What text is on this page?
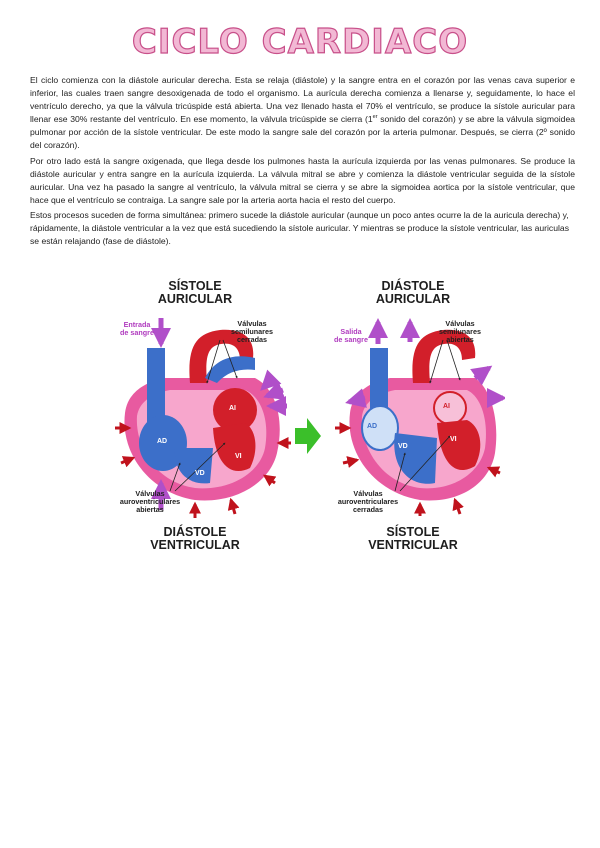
CICLO CARDIACO

El ciclo comienza con la diástole auricular derecha. Esta se relaja (diástole) y la sangre entra en el corazón por las venas cava superior e inferior, las cuales traen sangre desoxigenada de todo el organismo. La aurícula derecha comienza a llenarse y, seguidamente, lo hace el ventrículo derecho, ya que la válvula tricúspide está abierta. Una vez llenado hasta el 70% el ventrículo, se produce la sístole auricular para llenar ese 30% restante del ventrículo. En ese momento, la válvula tricúspide se cierra (1er sonido del corazón) y se abre la válvula sigmoidea pulmonar por acción de la sístole ventricular. De este modo la sangre sale del corazón por la arteria pulmonar. Después, se cierra (2º sonido del corazón).

Por otro lado está la sangre oxigenada, que llega desde los pulmones hasta la aurícula izquierda por las venas pulmonares. Se produce la diástole auricular y entra sangre en la aurícula izquierda. La válvula mitral se abre y comienza la diástole ventricular seguida de la sístole auricular. Una vez ha pasado la sangre al ventrículo, la válvula mitral se cierra y se abre la sigmoidea aortica por la sístole ventricular, que hace que el ventrículo se contraiga. La sangre sale por la arteria aorta hacia el resto del cuerpo.

Estos procesos suceden de forma simultánea: primero sucede la diástole auricular (aunque un poco antes ocurre la de la auricula derecha) y, rápidamente, la diástole ventricular a la vez que está sucediendo la sístole auricular. Y mientras se produce la sístole ventricular, las auriculas se están relajando (fase de diástole).

SÍSTOLE
AURICULAR
Entrada
de sangre
Válvulas
semilunares
cerradas
Válvulas
auroventriculares
abiertas
DIÁSTOLE
VENTRICULAR
AD
AI
VD
VI
DIÁSTOLE
AURICULAR
Salida
de sangre
Válvulas
semilunares
abiertas
Válvulas
auroventriculares
cerradas
SÍSTOLE
VENTRICULAR
AD
AI
VD
VI
